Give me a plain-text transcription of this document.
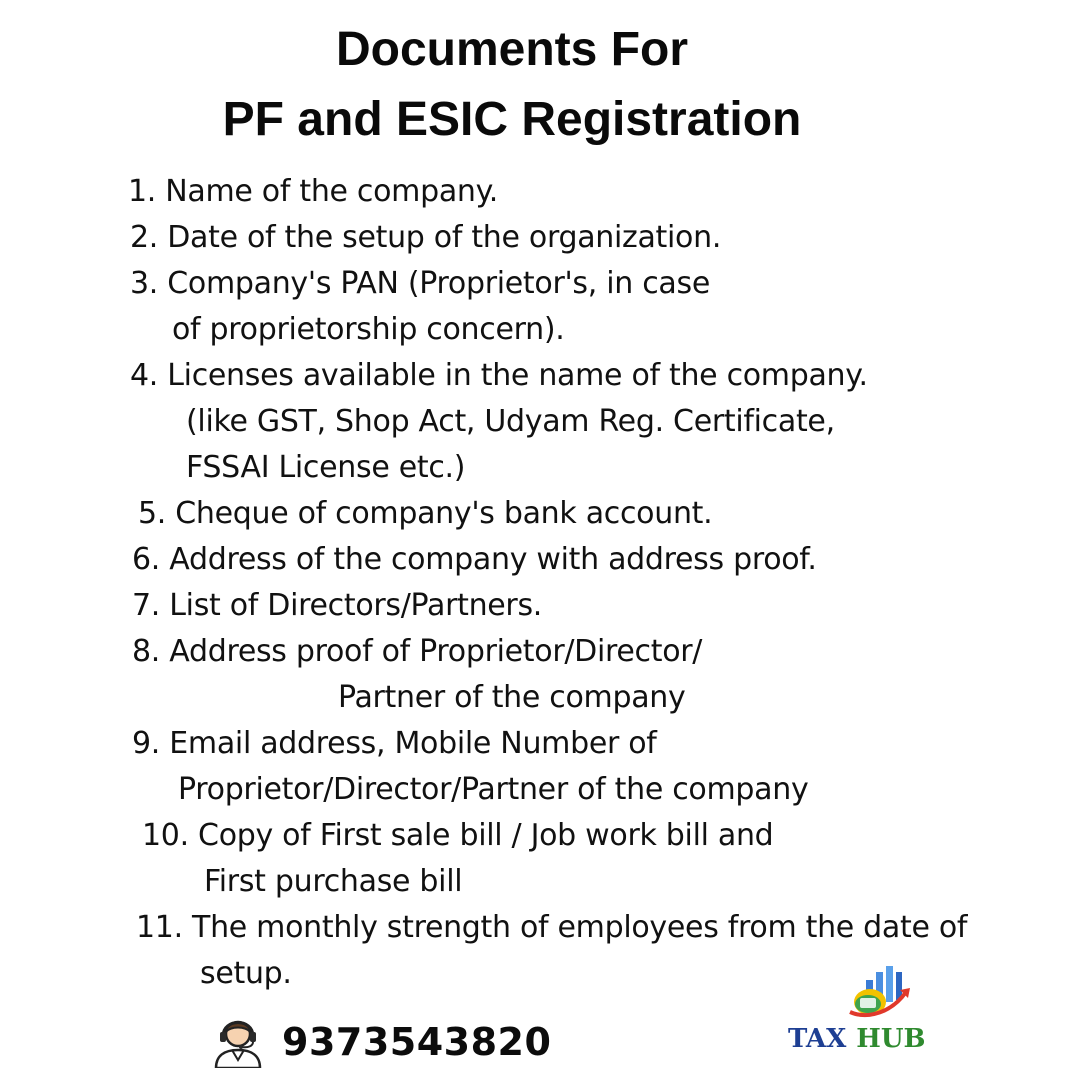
Documents For
PF and ESIC Registration
1. Name of the company.
2. Date of the setup of the organization.
3. Company's PAN (Proprietor's, in case
of proprietorship concern).
4. Licenses available in the name of the company.
(like GST, Shop Act, Udyam Reg. Certificate,
FSSAI License etc.)
5. Cheque of company's bank account.
6. Address of the company with address proof.
7. List of Directors/Partners.
8. Address proof of Proprietor/Director/
Partner of the company
9. Email address, Mobile Number of
Proprietor/Director/Partner of the company
10. Copy of First sale bill / Job work bill and
First purchase bill
11. The monthly strength of employees from the date of
setup.
9373543820	TAX HUB
